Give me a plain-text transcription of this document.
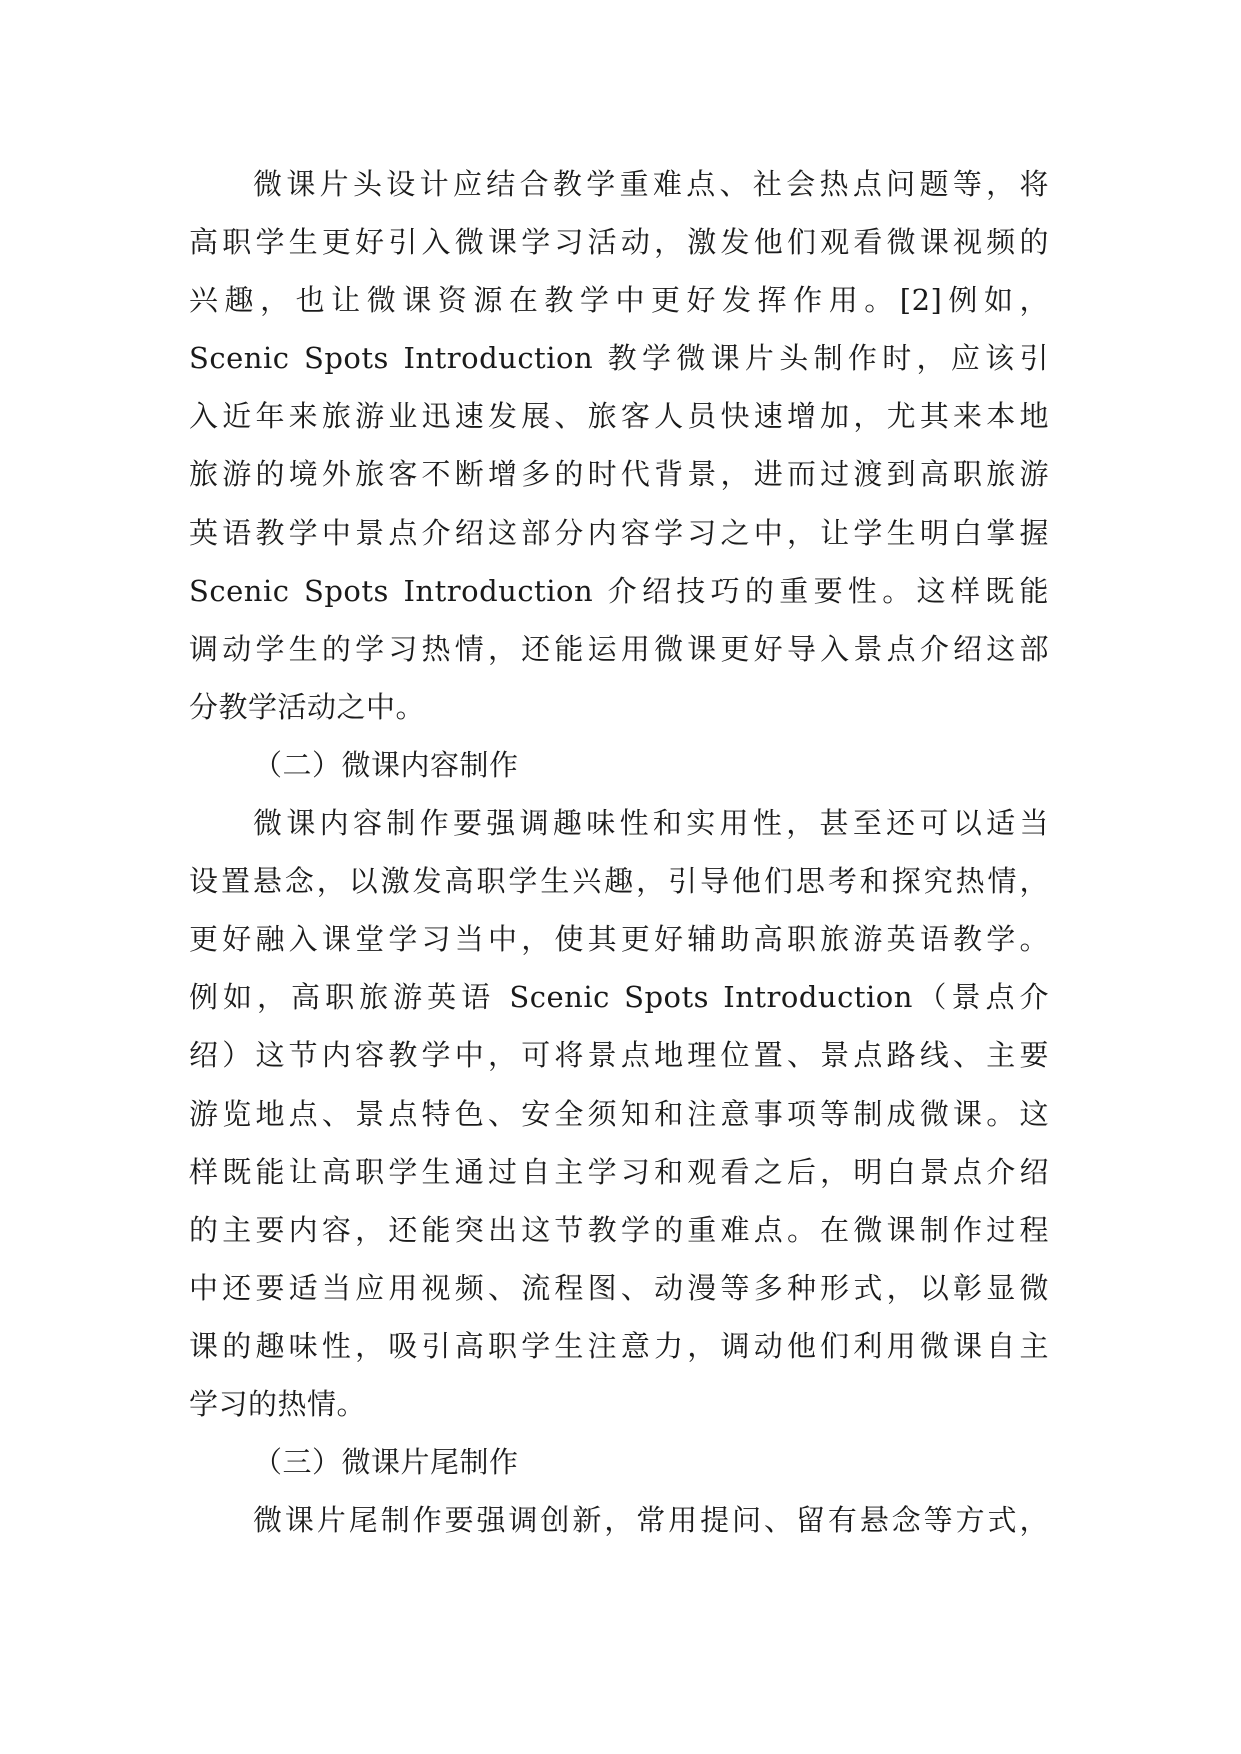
微课片头设计应结合教学重难点、社会热点问题等，将
高职学生更好引入微课学习活动，激发他们观看微课视频的
兴趣，也让微课资源在教学中更好发挥作用。[2]例如，
Scenic Spots Introduction 教学微课片头制作时，应该引
入近年来旅游业迅速发展、旅客人员快速增加，尤其来本地
旅游的境外旅客不断增多的时代背景，进而过渡到高职旅游
英语教学中景点介绍这部分内容学习之中，让学生明白掌握
Scenic Spots Introduction 介绍技巧的重要性。这样既能
调动学生的学习热情，还能运用微课更好导入景点介绍这部
分教学活动之中。
（二）微课内容制作
微课内容制作要强调趣味性和实用性，甚至还可以适当
设置悬念，以激发高职学生兴趣，引导他们思考和探究热情，
更好融入课堂学习当中，使其更好辅助高职旅游英语教学。
例如，高职旅游英语 Scenic Spots Introduction（景点介
绍）这节内容教学中，可将景点地理位置、景点路线、主要
游览地点、景点特色、安全须知和注意事项等制成微课。这
样既能让高职学生通过自主学习和观看之后，明白景点介绍
的主要内容，还能突出这节教学的重难点。在微课制作过程
中还要适当应用视频、流程图、动漫等多种形式，以彰显微
课的趣味性，吸引高职学生注意力，调动他们利用微课自主
学习的热情。
（三）微课片尾制作
微课片尾制作要强调创新，常用提问、留有悬念等方式，
